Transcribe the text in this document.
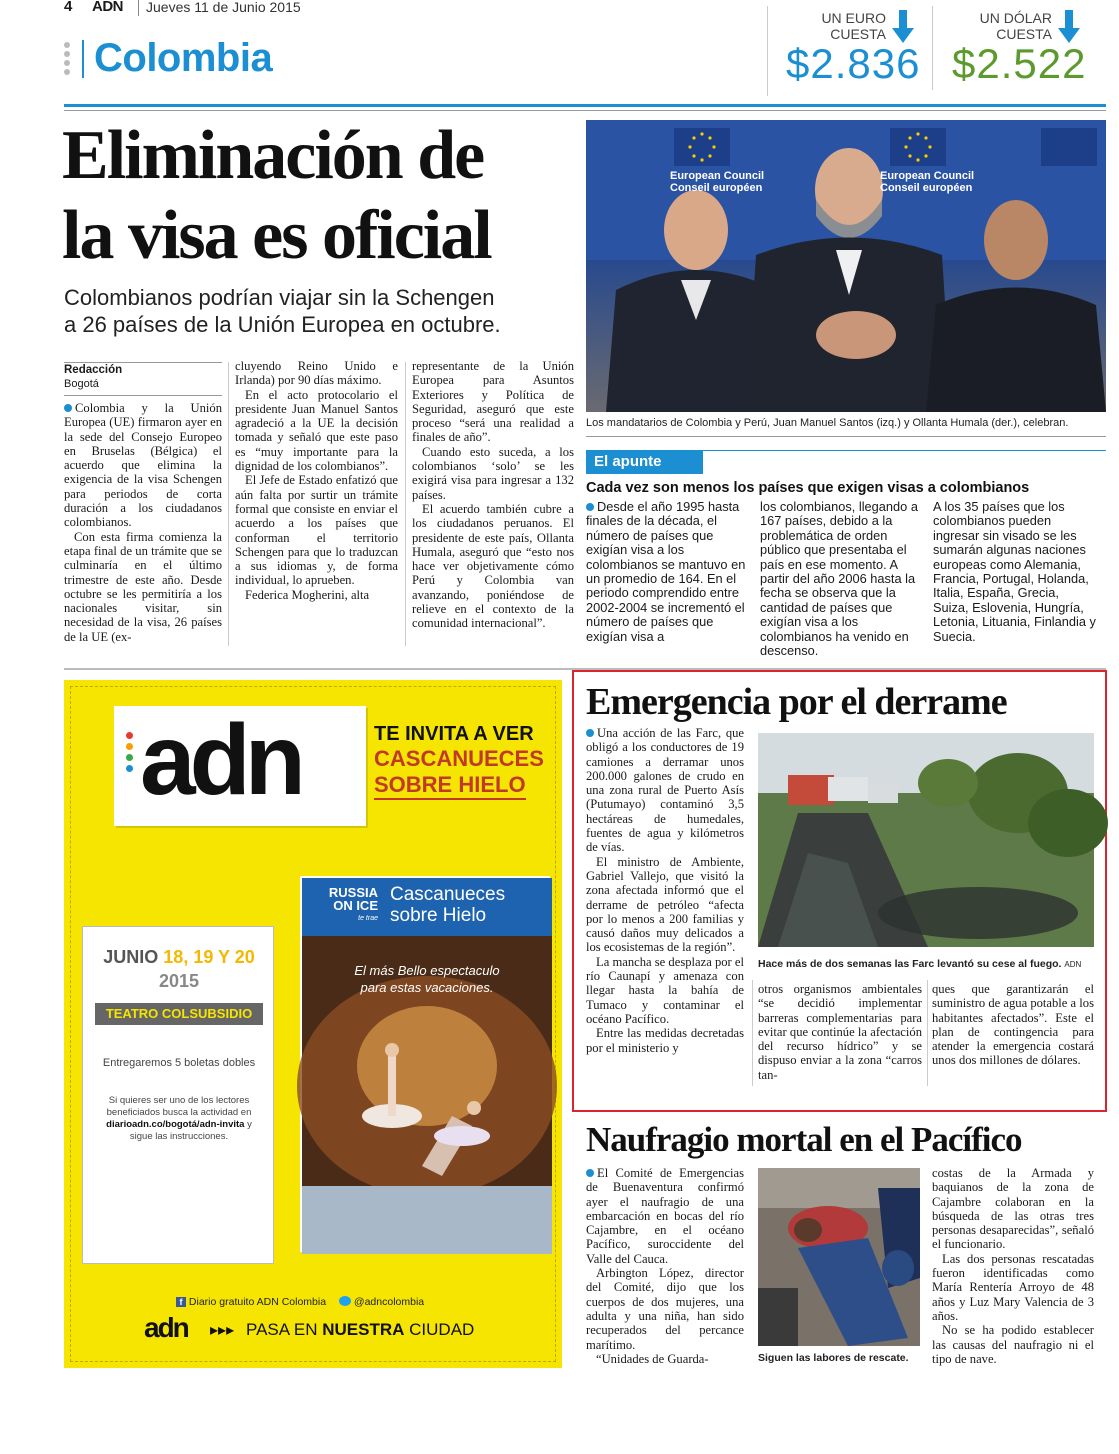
4 ADN Jueves 11 de Junio 2015
Colombia
UN EURO
CUESTA
$2.836
UN DÓLAR
CUESTA
$2.522
Eliminación de
la visa es oficial
Colombianos podrían viajar sin la Schengen
a 26 países de la Unión Europea en octubre.
Redacción
Bogotá

Colombia y la Unión Europea (UE) firmaron ayer en la sede del Consejo Europeo en Bruselas (Bélgica) el acuerdo que elimina la exigencia de la visa Schengen para periodos de corta duración a los ciudadanos colombianos.

Con esta firma comienza la etapa final de un trámite que se culminaría en el último trimestre de este año. Desde octubre se les permitiría a los nacionales visitar, sin necesidad de la visa, 26 países de la UE (ex-

cluyendo Reino Unido e Irlanda) por 90 días máximo.

En el acto protocolario el presidente Juan Manuel Santos agradeció a la UE la decisión tomada y señaló que este paso es “muy importante para la dignidad de los colombianos”.

El Jefe de Estado enfatizó que aún falta por surtir un trámite formal que consiste en enviar el acuerdo a los países que conforman el territorio Schengen para que lo traduzcan a sus idiomas y, de forma individual, lo aprueben.

Federica Mogherini, alta

representante de la Unión Europea para Asuntos Exteriores y Política de Seguridad, aseguró que este proceso “será una realidad a finales de año”.

Cuando esto suceda, a los colombianos ‘solo’ se les exigirá visa para ingresar a 132 países.

El acuerdo también cubre a los ciudadanos peruanos. El presidente de este país, Ollanta Humala, aseguró que “esto nos hace ver objetivamente cómo Perú y Colombia van avanzando, poniéndose de relieve en el contexto de la comunidad internacional”.

European Council
Conseil européen
European Council
Conseil européen
Los mandatarios de Colombia y Perú, Juan Manuel Santos (izq.) y Ollanta Humala (der.), celebran.
El apunte
Cada vez son menos los países que exigen visas a colombianos
Desde el año 1995 hasta finales de la década, el número de países que exigían visa a los colombianos se mantuvo en un promedio de 164. En el periodo comprendido entre 2002-2004 se incrementó el número de países que exigían visa a
los colombianos, llegando a 167 países, debido a la problemática de orden público que presentaba el país en ese momento. A partir del año 2006 hasta la fecha se observa que la cantidad de países que exigían visa a los colombianos ha venido en descenso.
A los 35 países que los colombianos pueden ingresar sin visado se les sumarán algunas naciones europeas como Alemania, Francia, Portugal, Holanda, Italia, España, Grecia, Suiza, Eslovenia, Hungría, Letonia, Lituania, Finlandia y Suecia.
adn	TE INVITA A VER
CASCANUECES
SOBRE HIELO
JUNIO 18, 19 Y 20
2015
TEATRO COLSUBSIDIO
Entregaremos 5 boletas dobles
Si quieres ser uno de los lectores beneficiados busca la actividad en diarioadn.co/bogotá/adn-invita y sigue las instrucciones.
RUSSIA
ON ICE
te trae
Cascanueces
sobre Hielo
El más Bello espectaculo
para estas vacaciones.
f Diario gratuito ADN Colombia	@adncolombia
adn ▸▸▸ PASA EN NUESTRA CIUDAD
Emergencia por el derrame

Una acción de las Farc, que obligó a los conductores de 19 camiones a derramar unos 200.000 galones de crudo en una zona rural de Puerto Asís (Putumayo) contaminó 3,5 hectáreas de humedales, fuentes de agua y kilómetros de vías.

El ministro de Ambiente, Gabriel Vallejo, que visitó la zona afectada informó que el derrame de petróleo “afecta por lo menos a 200 familias y causó daños muy delicados a los ecosistemas de la región”.

La mancha se desplaza por el río Caunapí y amenaza con llegar hasta la bahía de Tumaco y contaminar el océano Pacífico.

Entre las medidas decretadas por el ministerio y

Hace más de dos semanas las Farc levantó su cese al fuego. ADN
otros organismos ambientales “se decidió implementar barreras complementarias para evitar que continúe la afectación del recurso hídrico” y se dispuso enviar a la zona “carros tan-
ques que garantizarán el suministro de agua potable a los habitantes afectados”. Este el plan de contingencia para atender la emergencia costará unos dos millones de dólares.
Naufragio mortal en el Pacífico

El Comité de Emergencias de Buenaventura confirmó ayer el naufragio de una embarcación en bocas del río Cajambre, en el océano Pacífico, suroccidente del Valle del Cauca.

Arbington López, director del Comité, dijo que los cuerpos de dos mujeres, una adulta y una niña, han sido recuperados del percance marítimo.

“Unidades de Guarda-	Siguen las labores de rescate.

costas de la Armada y baquianos de la zona de Cajambre colaboran en la búsqueda de las otras tres personas desaparecidas”, señaló el funcionario.

Las dos personas rescatadas fueron identificadas como María Rentería Arroyo de 48 años y Luz Mary Valencia de 3 años.

No se ha podido establecer las causas del naufragio ni el tipo de nave.
